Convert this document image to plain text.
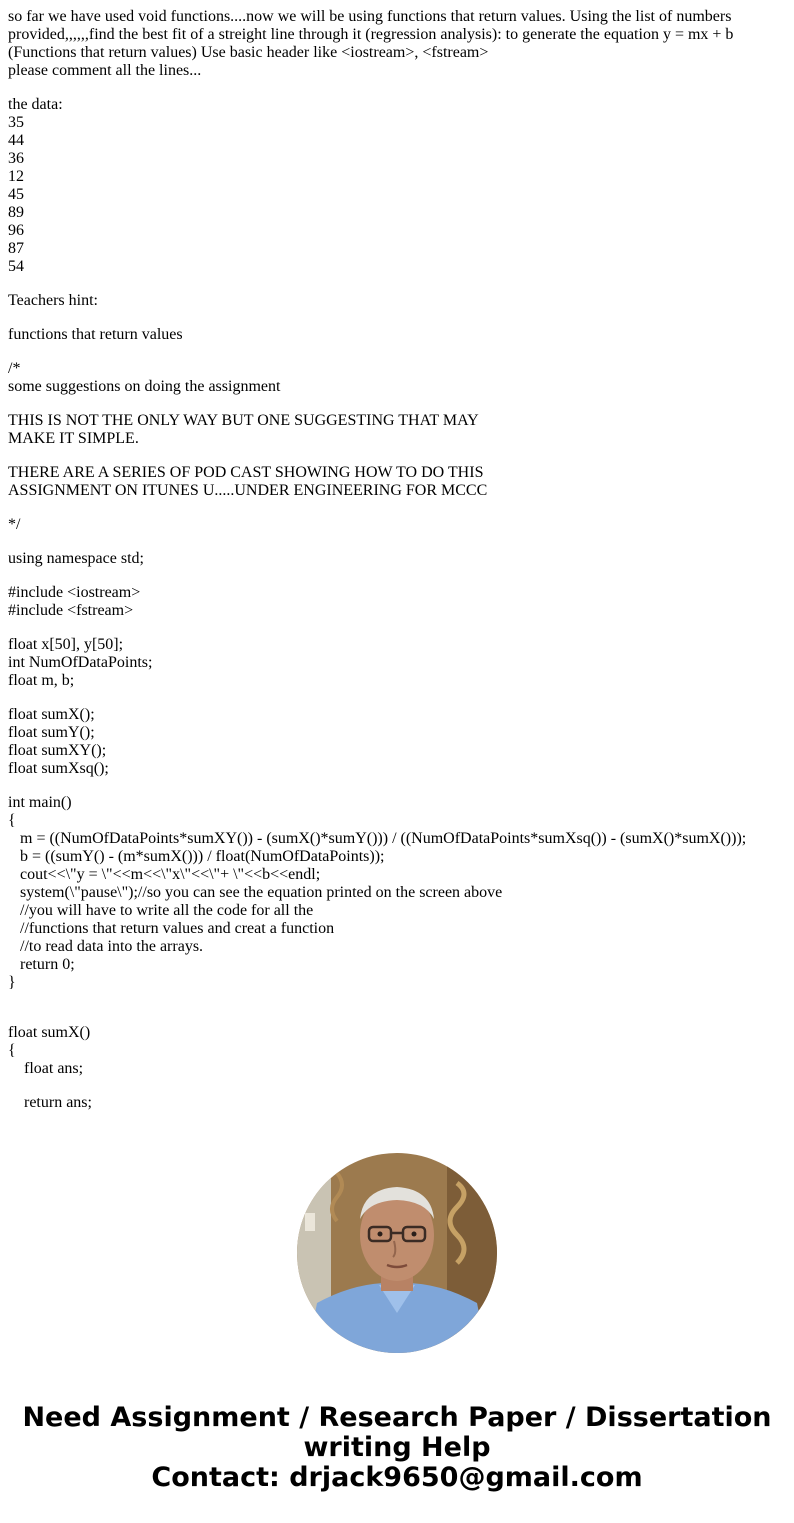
so far we have used void functions....now we will be using functions that return values. Using the list of numbers

provided,,,,,,find the best fit of a streight line through it (regression analysis): to generate the equation y = mx + b

(Functions that return values) Use basic header like <iostream>, <fstream>

please comment all the lines...

the data:

35

44

36

12

45

89

96

87

54

Teachers hint:

functions that return values

/*

some suggestions on doing the assignment

THIS IS NOT THE ONLY WAY BUT ONE SUGGESTING THAT MAY

MAKE IT SIMPLE.

THERE ARE A SERIES OF POD CAST SHOWING HOW TO DO THIS

ASSIGNMENT ON ITUNES U.....UNDER ENGINEERING FOR MCCC

*/

using namespace std;

#include <iostream>

#include <fstream>

float x[50], y[50];

int NumOfDataPoints;

float m, b;

float sumX();

float sumY();

float sumXY();

float sumXsq();

int main()

{

m = ((NumOfDataPoints*sumXY()) - (sumX()*sumY())) / ((NumOfDataPoints*sumXsq()) - (sumX()*sumX()));

b = ((sumY() - (m*sumX())) / float(NumOfDataPoints));

cout<<\"y = \"<<m<<\"x\"<<\"+ \"<<b<<endl;

system(\"pause\");//so you can see the equation printed on the screen above

//you will have to write all the code for all the

//functions that return values and creat a function

//to read data into the arrays.

return 0;

}

float sumX()

{

float ans;

return ans;

Need Assignment / Research Paper / Dissertation

writing Help

Contact: drjack9650@gmail.com
